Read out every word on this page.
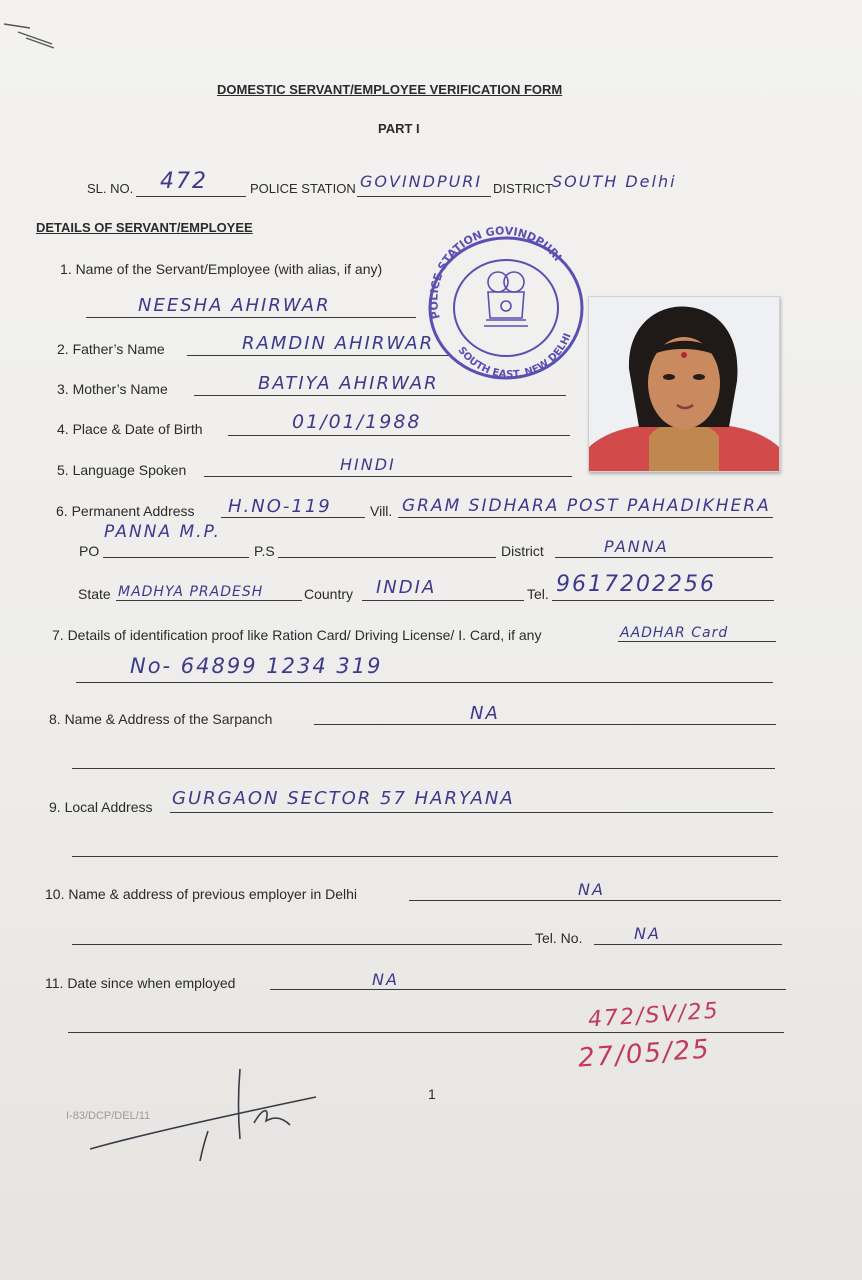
DOMESTIC SERVANT/EMPLOYEE VERIFICATION FORM
PART I
SL. NO. 472	POLICE STATION GOVINDPURI DISTRICT SOUTH Delhi
DETAILS OF SERVANT/EMPLOYEE
1. Name of the Servant/Employee (with alias, if any)
NEESHA AHIRWAR
2. Father’s Name	RAMDIN AHIRWAR
3. Mother’s Name	BATIYA AHIRWAR
4. Place & Date of Birth	01/01/1988
5. Language Spoken	HINDI
6. Permanent Address H.NO-119	Vill. GRAM SIDHARA POST PAHADIKHERA
PANNA M.P.
PO	P.S	District	PANNA
State MADHYA PRADESH	Country INDIA	Tel. 9617202256
7. Details of identification proof like Ration Card/ Driving License/ I. Card, if any	AADHAR Card
No- 64899 1234 319
8. Name & Address of the Sarpanch	NA
9. Local Address GURGAON SECTOR 57 HARYANA
10. Name & address of previous employer in Delhi	NA
Tel. No.	NA
11. Date since when employed	NA
472/SV/25
27/05/25
1
I-83/DCP/DEL/11
POLICE STATION GOVINDPURI
SOUTH EAST, NEW DELHI
